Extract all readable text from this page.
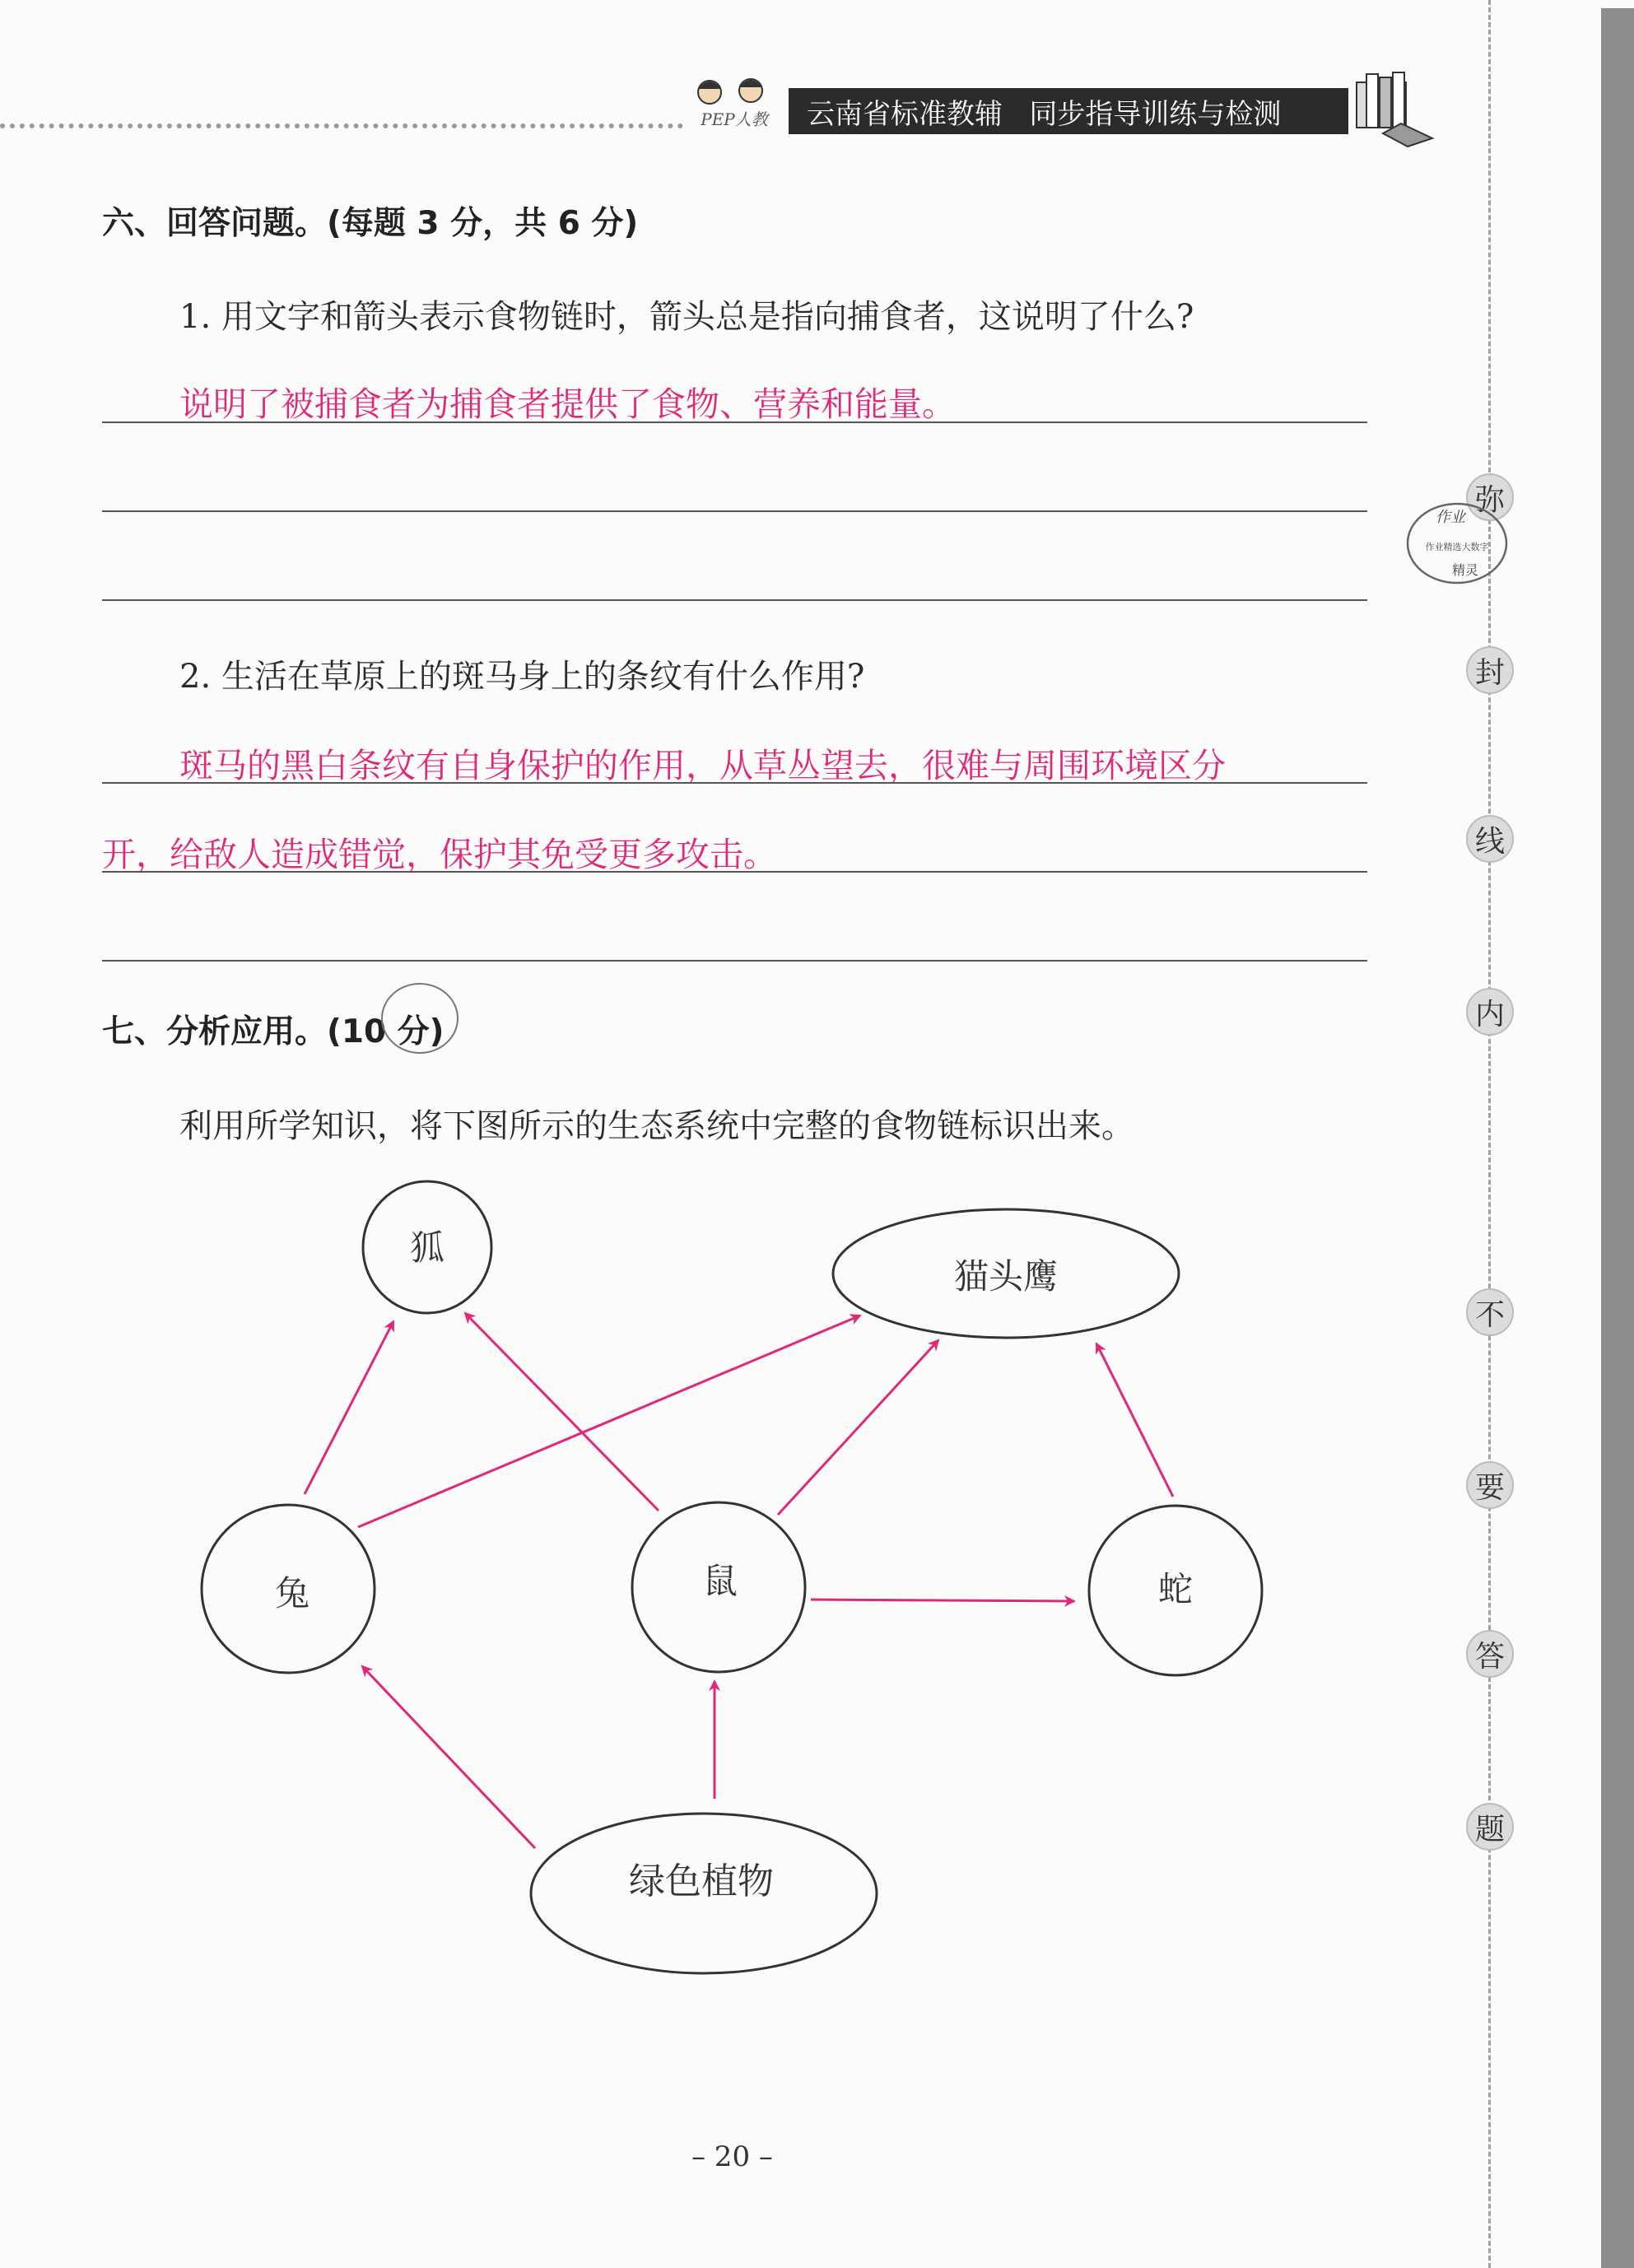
PEP人教 云南省标准教辅   同步指导训练与检测
弥
封
线
内
不
要
答
题
作业
作业精选大数字
精灵
六、回答问题。(每题 3 分，共 6 分)
1. 用文字和箭头表示食物链时，箭头总是指向捕食者，这说明了什么?
说明了被捕食者为捕食者提供了食物、营养和能量。
2. 生活在草原上的斑马身上的条纹有什么作用?
斑马的黑白条纹有自身保护的作用，从草丛望去，很难与周围环境区分
开，给敌人造成错觉，保护其免受更多攻击。
七、分析应用。(10 分)
利用所学知识，将下图所示的生态系统中完整的食物链标识出来。
狐
猫头鹰
兔	鼠	蛇
绿色植物
– 20 –
